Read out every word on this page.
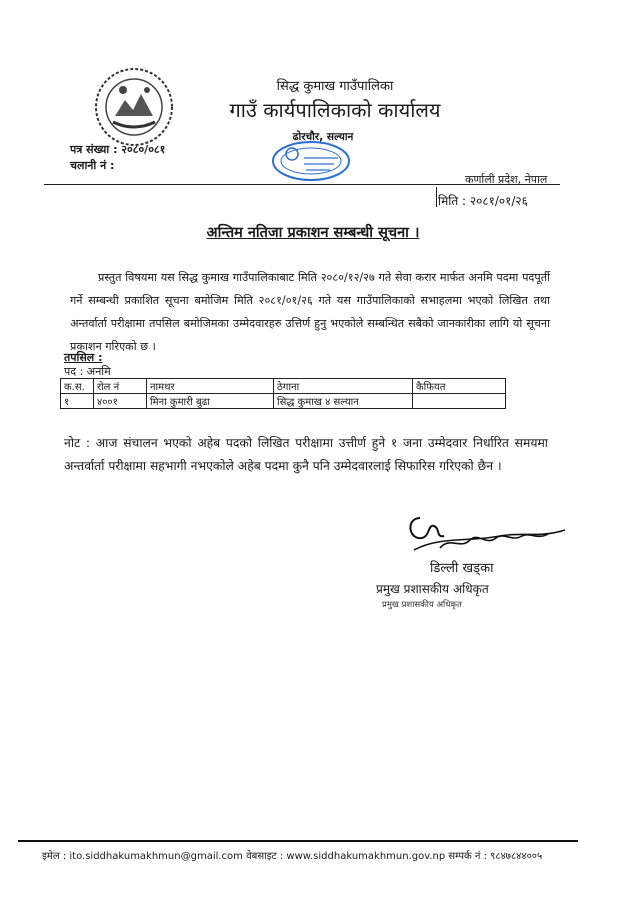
सिद्ध कुमाख गाउँपालिका
गाउँ कार्यपालिकाको कार्यालय
ढोरचौर, सल्यान
पत्र संख्या : २०८०/०८१
चलानी नं :
कर्णाली प्रदेश, नेपाल
मिति : २०८१/०१/२६
अन्तिम नतिजा प्रकाशन सम्बन्धी सूचना ।
प्रस्तुत विषयमा यस सिद्ध कुमाख गाउँपालिकाबाट मिति २०८०/१२/२७ गते सेवा करार मार्फत अनमि पदमा पदपूर्ती गर्ने सम्बन्धी प्रकाशित सूचना बमोजिम मिति २०८१/०१/२६ गते यस गाउँपालिकाको सभाहलमा भएको लिखित तथा अन्तर्वार्ता परीक्षामा तपसिल बमोजिमका उम्मेदवारहरु उत्तिर्ण हुनु भएकोले सम्बन्धित सबैको जानकारीका लागि यो सूचना प्रकाशन गरिएको छ ।
तपसिल :
पद : अनमि
क.स.	रोल नं	नामथर	ठेगाना	कैफियत
१	४००१	मिना कुमारी बुढा	सिद्ध कुमाख ४ सल्यान	
नोट : आज संचालन भएको अहेब पदको लिखित परीक्षामा उत्तीर्ण हुने १ जना उम्मेदवार निर्धारित समयमा अन्तर्वार्ता परीक्षामा सहभागी नभएकोले अहेब पदमा कुनै पनि उम्मेदवारलाई सिफारिस गरिएको छैन ।
डिल्ली खड्का
प्रमुख प्रशासकीय अधिकृत
प्रमुख प्रशासकीय अधिकृत
इमेल : ito.siddhakumakhmun@gmail.com वेबसाइट : www.siddhakumakhmun.gov.np सम्पर्क नं : ९८४७८४४००५
